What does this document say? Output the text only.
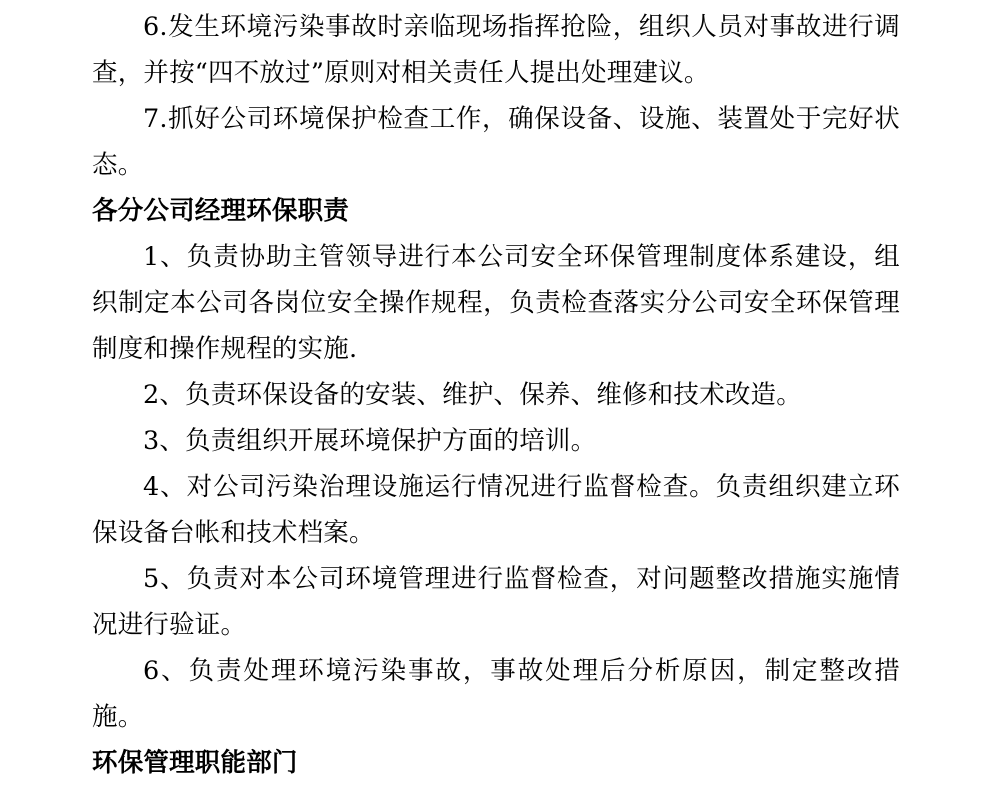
6.发生环境污染事故时亲临现场指挥抢险，组织人员对事故进行调查，并按“四不放过”原则对相关责任人提出处理建议。

7.抓好公司环境保护检查工作，确保设备、设施、装置处于完好状态。

各分公司经理环保职责

1、负责协助主管领导进行本公司安全环保管理制度体系建设，组织制定本公司各岗位安全操作规程，负责检查落实分公司安全环保管理制度和操作规程的实施.

2、负责环保设备的安装、维护、保养、维修和技术改造。

3、负责组织开展环境保护方面的培训。

4、对公司污染治理设施运行情况进行监督检查。负责组织建立环保设备台帐和技术档案。

5、负责对本公司环境管理进行监督检查，对问题整改措施实施情况进行验证。

6、负责处理环境污染事故，事故处理后分析原因，制定整改措施。

环保管理职能部门
